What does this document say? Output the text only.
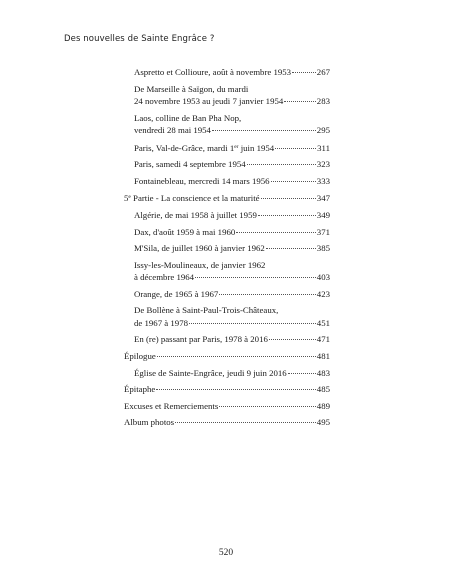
Des nouvelles de Sainte Engrâce ?
Aspretto et Collioure, août à novembre 1953	267
De Marseille à Saïgon, du mardi
24 novembre 1953 au jeudi 7 janvier 1954	283
Laos, colline de Ban Pha Nop,
vendredi 28 mai 1954	295
Paris, Val-de-Grâce, mardi 1er juin 1954	311
Paris, samedi 4 septembre 1954	323
Fontainebleau, mercredi 14 mars 1956	333
5e Partie - La conscience et la maturité	347
Algérie, de mai 1958 à juillet 1959	349
Dax, d'août 1959 à mai 1960	371
M'Sila, de juillet 1960 à janvier 1962	385
Issy-les-Moulineaux, de janvier 1962
à décembre 1964	403
Orange, de 1965 à 1967	423
De Bollène à Saint-Paul-Trois-Châteaux,
de 1967 à 1978	451
En (re) passant par Paris, 1978 à 2016	471
Épilogue	481
Église de Sainte-Engrâce, jeudi 9 juin 2016	483
Épitaphe	485
Excuses et Remerciements	489
Album photos	495
520
